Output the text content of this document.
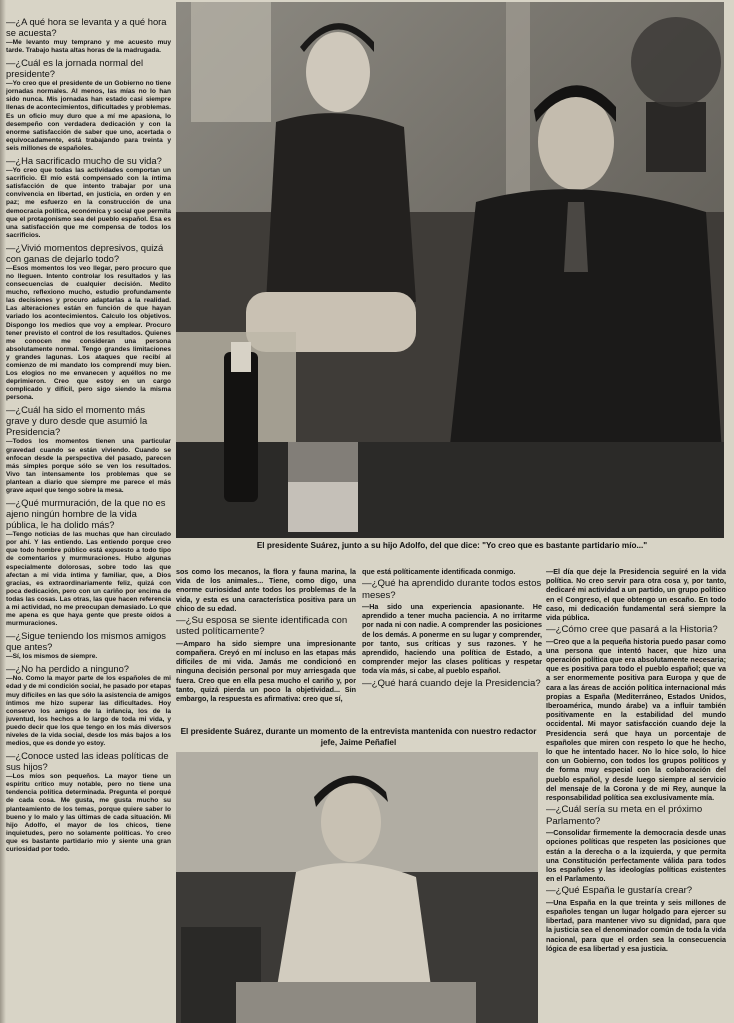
—¿A qué hora se levanta y a qué hora se acuesta?
—Me levanto muy temprano y me acuesto muy tarde. Trabajo hasta altas horas de la madrugada.
—¿Cuál es la jornada normal del presidente?
—Yo creo que el presidente de un Gobierno no tiene jornadas normales. Al menos, las mías no lo han sido nunca. Mis jornadas han estado casi siempre llenas de acontecimientos, dificultades y problemas. Es un oficio muy duro que a mí me apasiona, lo desempeño con verdadera dedicación y con la enorme satisfacción de saber que uno, acertada o equivocadamente, está trabajando para treinta y seis millones de españoles.
—¿Ha sacrificado mucho de su vida?
—Yo creo que todas las actividades comportan un sacrificio. El mío está compensado con la íntima satisfacción de que intento trabajar por una convivencia en libertad, en justicia, en orden y en paz; me esfuerzo en la construcción de una democracia política, económica y social que permita que el protagonismo sea del pueblo español. Esa es una satisfacción que me compensa de todos los sacrificios.
—¿Vivió momentos depresivos, quizá con ganas de dejarlo todo?
—Esos momentos los veo llegar, pero procuro que no lleguen. Intento controlar los resultados y las consecuencias de cualquier decisión. Medito mucho, reflexiono mucho, estudio profundamente las decisiones y procuro adaptarlas a la realidad. Las alteraciones están en función de que hayan variado los acontecimientos. Calculo los objetivos. Dispongo los medios que voy a emplear. Procuro tener previsto el control de los resultados. Quienes me conocen me consideran una persona absolutamente normal. Tengo grandes limitaciones y grandes lagunas. Los ataques que recibí al comienzo de mi mandato los comprendí muy bien. Los elogios no me envanecen y aquéllos no me deprimieron. Creo que estoy en un cargo complicado y difícil, pero sigo siendo la misma persona.
—¿Cuál ha sido el momento más grave y duro desde que asumió la Presidencia?
—Todos los momentos tienen una particular gravedad cuando se están viviendo. Cuando se enfocan desde la perspectiva del pasado, parecen más simples porque sólo se ven los resultados. Vivo tan intensamente los problemas que se plantean a diario que siempre me parece el más grave aquel que tengo sobre la mesa.
—¿Qué murmuración, de la que no es ajeno ningún hombre de la vida pública, le ha dolido más?
—Tengo noticias de las muchas que han circulado por ahí. Y las entiendo. Las entiendo porque creo que todo hombre público está expuesto a todo tipo de comentarios y murmuraciones. Hubo algunas especialmente dolorosas, sobre todo las que afectan a mi vida íntima y familiar, que, a Dios gracias, es extraordinariamente feliz, quizá con poca dedicación, pero con un cariño por encima de todas las cosas. Las otras, las que hacen referencia a mi actividad, no me preocupan demasiado. Lo que me apena es que haya gente que preste oídos a murmuraciones.
—¿Sigue teniendo los mismos amigos que antes?
—Sí, los mismos de siempre.
—¿No ha perdido a ninguno?
—No. Como la mayor parte de los españoles de mi edad y de mi condición social, he pasado por etapas muy difíciles en las que sólo la asistencia de amigos íntimos me hizo superar las dificultades. Hoy conservo los amigos de la infancia, los de la juventud, los hechos a lo largo de toda mi vida, y puedo decir que los que tengo en los más diversos niveles de la vida social, desde los más bajos a los medios, que es donde yo estoy.
—¿Conoce usted las ideas políticas de sus hijos?
—Los míos son pequeños. La mayor tiene un espíritu crítico muy notable, pero no tiene una tendencia política determinada. Pregunta el porqué de cada cosa. Me gusta, me gusta mucho su planteamiento de los temas, porque quiere saber lo bueno y lo malo y las últimas de cada situación. Mi hijo Adolfo, el mayor de los chicos, tiene inquietudes, pero no solamente políticas. Yo creo que es bastante partidario mío y siente una gran curiosidad por todo.
El presidente Suárez, junto a su hijo Adolfo, del que dice: "Yo creo que es bastante partidario mío..."
sos como los mecanos, la flora y fauna marina, la vida de los animales... Tiene, como digo, una enorme curiosidad ante todos los problemas de la vida, y esta es una característica positiva para un chico de su edad.
—¿Su esposa se siente identificada con usted políticamente?
—Amparo ha sido siempre una impresionante compañera. Creyó en mí incluso en las etapas más difíciles de mi vida. Jamás me condicionó en ninguna decisión personal por muy arriesgada que fuera. Creo que en ella pesa mucho el cariño y, por tanto, quizá pierda un poco la objetividad... Sin embargo, la respuesta es afirmativa: creo que sí,
que está políticamente identificada conmigo.
—¿Qué ha aprendido durante todos estos meses?
—Ha sido una experiencia apasionante. He aprendido a tener mucha paciencia. A no irritarme por nada ni con nadie. A comprender las posiciones de los demás. A ponerme en su lugar y comprender, por tanto, sus críticas y sus razones. Y he aprendido, haciendo una política de Estado, a comprender mejor las clases políticas y respetar toda vía más, si cabe, al pueblo español.
—¿Qué hará cuando deje la Presidencia?
El presidente Suárez, durante un momento de la entrevista mantenida con nuestro redactor jefe, Jaime Peñafiel
—El día que deje la Presidencia seguiré en la vida política. No creo servir para otra cosa y, por tanto, dedicaré mi actividad a un partido, un grupo político en el Congreso, el que obtengo un escaño. En todo caso, mi dedicación fundamental será siempre la vida pública.
—¿Cómo cree que pasará a la Historia?
—Creo que a la pequeña historia puedo pasar como una persona que intentó hacer, que hizo una operación política que era absolutamente necesaria; que es positiva para todo el pueblo español; que va a ser enormemente positiva para Europa y que de cara a las áreas de acción política internacional más propias a España (Mediterráneo, Estados Unidos, Iberoamérica, mundo árabe) va a influir también positivamente en la estabilidad del mundo occidental. Mi mayor satisfacción cuando deje la Presidencia será que haya un porcentaje de españoles que miren con respeto lo que he hecho, lo que he intentado hacer. No lo hice solo, lo hice con un Gobierno, con todos los grupos políticos y de forma muy especial con la colaboración del pueblo español, y desde luego siempre al servicio del mensaje de la Corona y de mi Rey, aunque la responsabilidad política sea exclusivamente mía.
—¿Cuál sería su meta en el próximo Parlamento?
—Consolidar firmemente la democracia desde unas opciones políticas que respeten las posiciones que están a la derecha o a la izquierda, y que permita una Constitución perfectamente válida para todos los españoles y las ideologías políticas existentes en el Parlamento.
—¿Qué España le gustaría crear?
—Una España en la que treinta y seis millones de españoles tengan un lugar holgado para ejercer su libertad, para mantener vivo su dignidad, para que la justicia sea el denominador común de toda la vida nacional, para que el orden sea la consecuencia lógica de esa libertad y esa justicia.
